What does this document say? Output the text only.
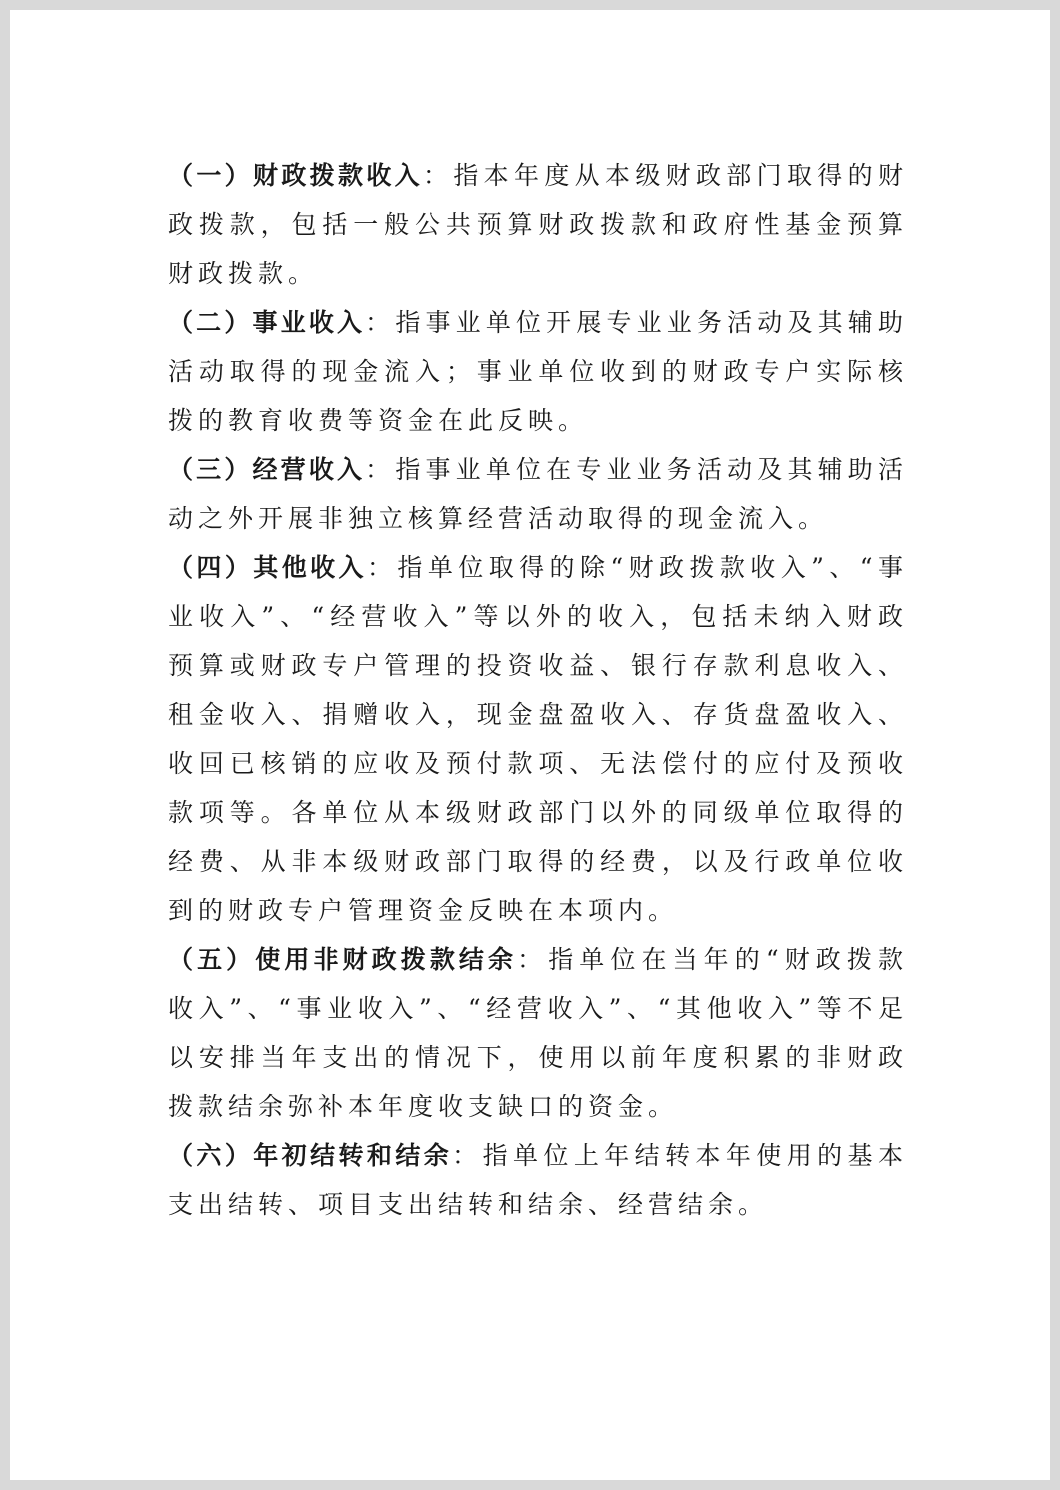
（一）财政拨款收入：指本年度从本级财政部门取得的财政拨款，包括一般公共预算财政拨款和政府性基金预算财政拨款。

（二）事业收入：指事业单位开展专业业务活动及其辅助活动取得的现金流入；事业单位收到的财政专户实际核拨的教育收费等资金在此反映。

（三）经营收入：指事业单位在专业业务活动及其辅助活动之外开展非独立核算经营活动取得的现金流入。

（四）其他收入：指单位取得的除“财政拨款收入”、“事业收入”、“经营收入”等以外的收入，包括未纳入财政预算或财政专户管理的投资收益、银行存款利息收入、租金收入、捐赠收入，现金盘盈收入、存货盘盈收入、收回已核销的应收及预付款项、无法偿付的应付及预收款项等。各单位从本级财政部门以外的同级单位取得的经费、从非本级财政部门取得的经费，以及行政单位收到的财政专户管理资金反映在本项内。

（五）使用非财政拨款结余：指单位在当年的“财政拨款收入”、“事业收入”、“经营收入”、“其他收入”等不足以安排当年支出的情况下，使用以前年度积累的非财政拨款结余弥补本年度收支缺口的资金。

（六）年初结转和结余：指单位上年结转本年使用的基本支出结转、项目支出结转和结余、经营结余。
